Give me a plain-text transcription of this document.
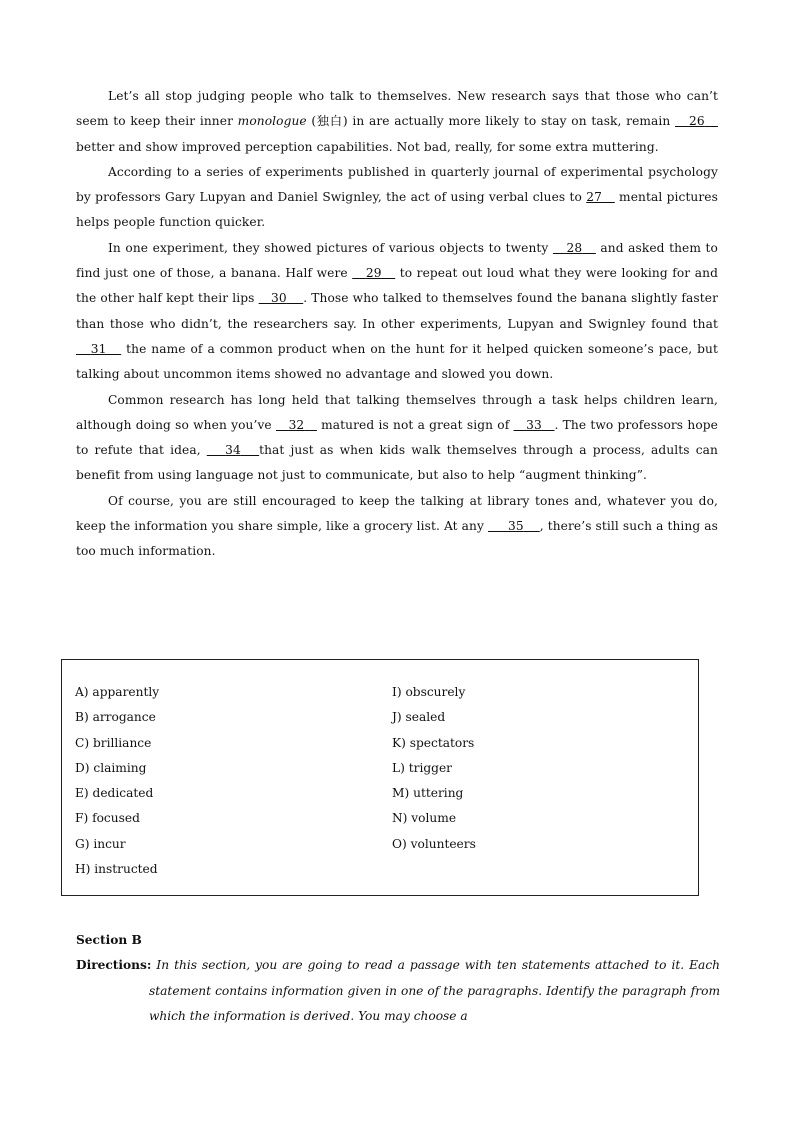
Let’s all stop judging people who talk to themselves. New research says that those who can’t seem to keep their inner monologue (独白) in are actually more likely to stay on task, remain    26    better and show improved perception capabilities. Not bad, really, for some extra muttering.

According to a series of experiments published in quarterly journal of experimental psychology by professors Gary Lupyan and Daniel Swignley, the act of using verbal clues to 27    mental pictures helps people function quicker.

In one experiment, they showed pictures of various objects to twenty    28    and asked them to find just one of those, a banana. Half were    29    to repeat out loud what they were looking for and the other half kept their lips    30 . Those who talked to themselves found the banana slightly faster than those who didn’t, the researchers say. In other experiments, Lupyan and Swignley found that    31    the name of a common product when on the hunt for it helped quicken someone’s pace, but talking about uncommon items showed no advantage and slowed you down.

Common research has long held that talking themselves through a task helps children learn, although doing so when you’ve    32    matured is not a great sign of    33 . The two professors hope to refute that idea,    34 that just as when kids walk themselves through a process, adults can benefit from using language not just to communicate, but also to help “augment thinking”.

Of course, you are still encouraged to keep the talking at library tones and, whatever you do, keep the information you share simple, like a grocery list. At any      35 , there’s still such a thing as too much information.

A) apparently
B) arrogance
C) brilliance
D) claiming
E) dedicated
F) focused
G) incur
H) instructed
I) obscurely
J) sealed
K) spectators
L) trigger
M) uttering
N) volume
O) volunteers
Section B
Directions: In this section, you are going to read a passage with ten statements attached to it. Each statement contains information given in one of the paragraphs. Identify the paragraph from which the information is derived. You may choose a
